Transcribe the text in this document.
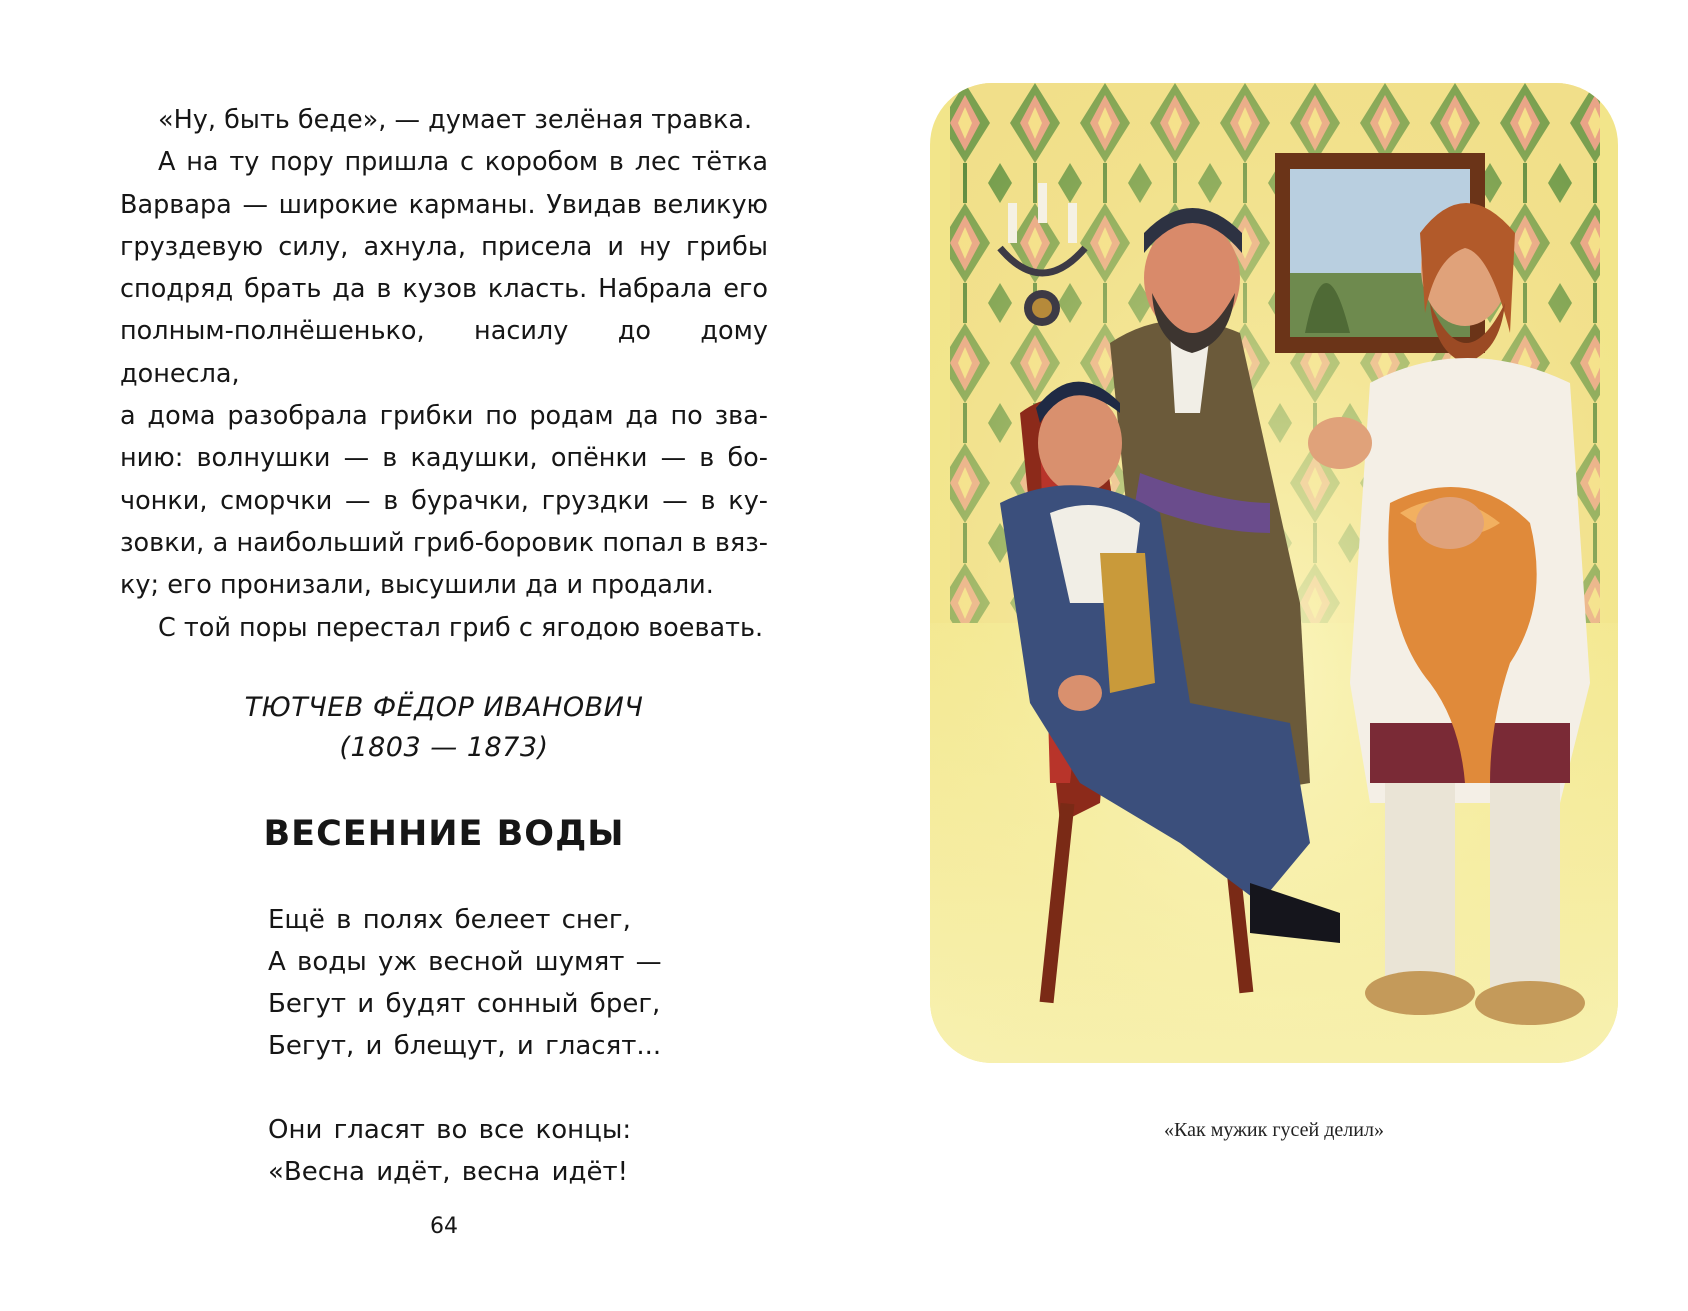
«Ну, быть беде», — думает зелёная травка.

А на ту пору пришла с коробом в лес тётка
Варвара — широкие карманы. Увидав великую
груздевую силу, ахнула, присела и ну грибы
сподряд брать да в кузов класть. Набрала его
полным-полнёшенько, насилу до дому донесла,
а дома разобрала грибки по родам да по зва-
нию: волнушки — в кадушки, опёнки — в бо-
чонки, сморчки — в бурачки, груздки — в ку-
зовки, а наибольший гриб-боровик попал в вяз-
ку; его пронизали, высушили да и продали.

С той поры перестал гриб с ягодою воевать.

ТЮТЧЕВ ФЁДОР ИВАНОВИЧ
(1803 — 1873)
ВЕСЕННИЕ ВОДЫ
Ещё в полях белеет снег,
А воды уж весной шумят —
Бегут и будят сонный брег,
Бегут, и блещут, и гласят...
Они гласят во все концы:
«Весна идёт, весна идёт!
64
«Как мужик гусей делил»
